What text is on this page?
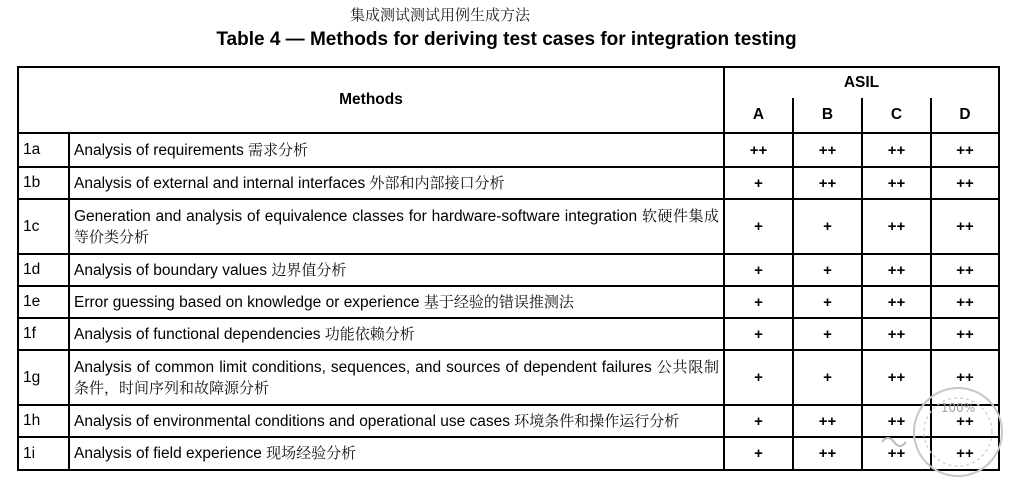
集成测试测试用例生成方法
Table 4 — Methods for deriving test cases for integration testing
Methods		ASIL			
		A	B	C	D
1a	Analysis of requirements 需求分析	++	++	++	++
1b	Analysis of external and internal interfaces 外部和内部接口分析	+	++	++	++
1c	Generation and analysis of equivalence classes for hardware-software integration 软硬件集成等价类分析	+	+	++	++
1d	Analysis of boundary values 边界值分析	+	+	++	++
1e	Error guessing based on knowledge or experience 基于经验的错误推测法	+	+	++	++
1f	Analysis of functional dependencies 功能依赖分析	+	+	++	++
1g	Analysis of common limit conditions, sequences, and sources of dependent failures 公共限制条件，时间序列和故障源分析	+	+	++	++
1h	Analysis of environmental conditions and operational use cases 环境条件和操作运行分析	+	++	++	++
1i	Analysis of field experience 现场经验分析	+	++	++	++
100%
